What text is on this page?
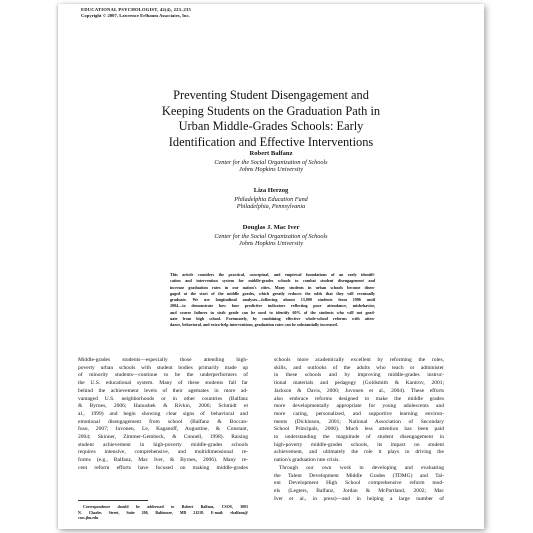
EDUCATIONAL PSYCHOLOGIST, 42(4), 223–235
Copyright © 2007, Lawrence Erlbaum Associates, Inc.
Preventing Student Disengagement and
Keeping Students on the Graduation Path in
Urban Middle-Grades Schools: Early
Identification and Effective Interventions
Robert Balfanz
Center for the Social Organization of Schools
Johns Hopkins University
Liza Herzog
Philadelphia Education Fund
Philadelphia, Pennsylvania
Douglas J. Mac Iver
Center for the Social Organization of Schools
Johns Hopkins University
This article considers the practical, conceptual, and empirical foundations of an early identifi-
cation and intervention system for middle-grades schools to combat student disengagement and
increase graduation rates in our nation's cities. Many students in urban schools become disen-
gaged at the start of the middle grades, which greatly reduces the odds that they will eventually
graduate. We use longitudinal analyses—following almost 13,000 students from 1996 until
2004—to demonstrate how four predictive indicators reflecting poor attendance, misbehavior,
and course failures in sixth grade can be used to identify 60% of the students who will not grad-
uate from high school. Fortunately, by combining effective whole-school reforms with atten-
dance, behavioral, and extra-help interventions, graduation rates can be substantially increased.
Middle-grades students—especially those attending high-
poverty urban schools with student bodies primarily made up
of minority students—continue to be the underperformers of
the U.S. educational system. Many of these students fall far
behind the achievement levels of their agemates in more ad-
vantaged U.S. neighborhoods or in other countries (Balfanz
& Byrnes, 2006; Hanushek & Rivkin, 2006; Schmidt et
al., 1999) and begin showing clear signs of behavioral and
emotional disengagement from school (Balfanz & Boccan-
fuso, 2007; Juvonen, Le, Kaganoff, Augustine, & Constant,
2004; Skinner, Zimmer-Gembeck, & Connell, 1998). Raising
student achievement in high-poverty middle-grades schools
requires intensive, comprehensive, and multidimensional re-
forms (e.g., Balfanz, Mac Iver, & Byrnes, 2006). Many re-
cent reform efforts have focused on making middle-grades
schools more academically excellent by reforming the roles,
skills, and outlooks of the adults who teach or administer
in these schools and by improving middle-grades instruc-
tional materials and pedagogy (Goldsmith & Kantrov, 2001;
Jackson & Davis, 2000; Juvonen et al., 2004). These efforts
also embrace reforms designed to make the middle grades
more developmentally appropriate for young adolescents and
more caring, personalized, and supportive learning environ-
ments (Dickinson, 2001; National Association of Secondary
School Principals, 2006). Much less attention has been paid
to understanding the magnitude of student disengagement in
high-poverty middle-grades schools, its impact on student
achievement, and ultimately the role it plays in driving the
nation's graduation rate crisis.
Through our own work in developing and evaluating
the Talent Development Middle Grades (TDMG) and Tal-
ent Development High School comprehensive reform mod-
els (Legters, Balfanz, Jordan & McPartland, 2002; Mac
Iver et al., in press)—and in helping a large number of
Correspondence should be addressed to Robert Balfanz, CSOS, 3003
N. Charles Street, Suite 200, Baltimore, MD 21218. E-mail: rbalfanz@
csos.jhu.edu
